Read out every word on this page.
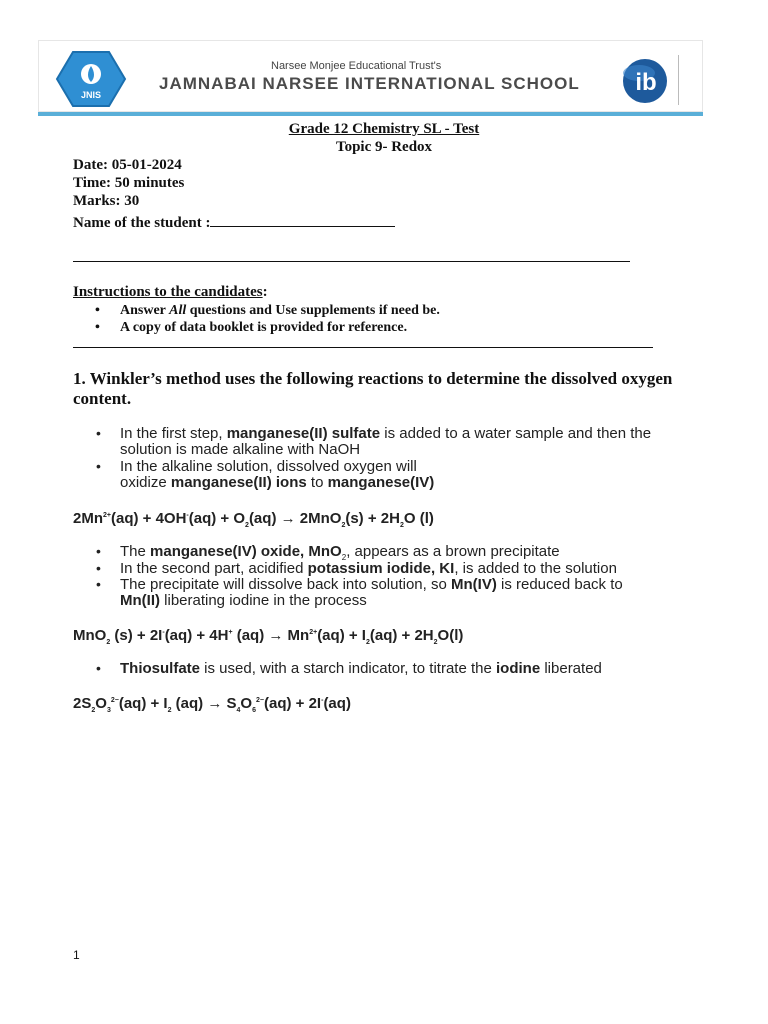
JNIS
Narsee Monjee Educational Trust's
JAMNABAI NARSEE INTERNATIONAL SCHOOL ib
Grade 12 Chemistry SL - Test
Topic 9- Redox
Date: 05-01-2024
Time: 50 minutes
Marks: 30
Name of the student :
Instructions to the candidates:
• Answer All questions and Use supplements if need be.
• A copy of data booklet is provided for reference.
1. Winkler’s method uses the following reactions to determine the dissolved oxygen content.
• In the first step, manganese(II) sulfate is added to a water sample and then the solution is made alkaline with NaOH
• In the alkaline solution, dissolved oxygen will oxidize manganese(II) ions to manganese(IV)
$2Mn^{2+}(aq) + 4OH^-(aq) + O_2(aq) \to 2MnO_2(s) + 2H_2O$ (l)
• The manganese(IV) oxide, MnO$_2$, appears as a brown precipitate
• In the second part, acidified potassium iodide, KI, is added to the solution
• The precipitate will dissolve back into solution, so Mn(IV) is reduced back to Mn(II) liberating iodine in the process
MnO$_2$ (s) + 2I-(aq) + 4H+ $(aq) \to Mn^{2+}(aq) + I_2(aq) + 2H_2O(l)$
• Thiosulfate is used, with a starch indicator, to titrate the iodine liberated
$2S_2O_3^{2-}(aq) + I_2$ $(aq) \to S_4O_6^{2-}(aq) + 2I^-(aq)$
1
